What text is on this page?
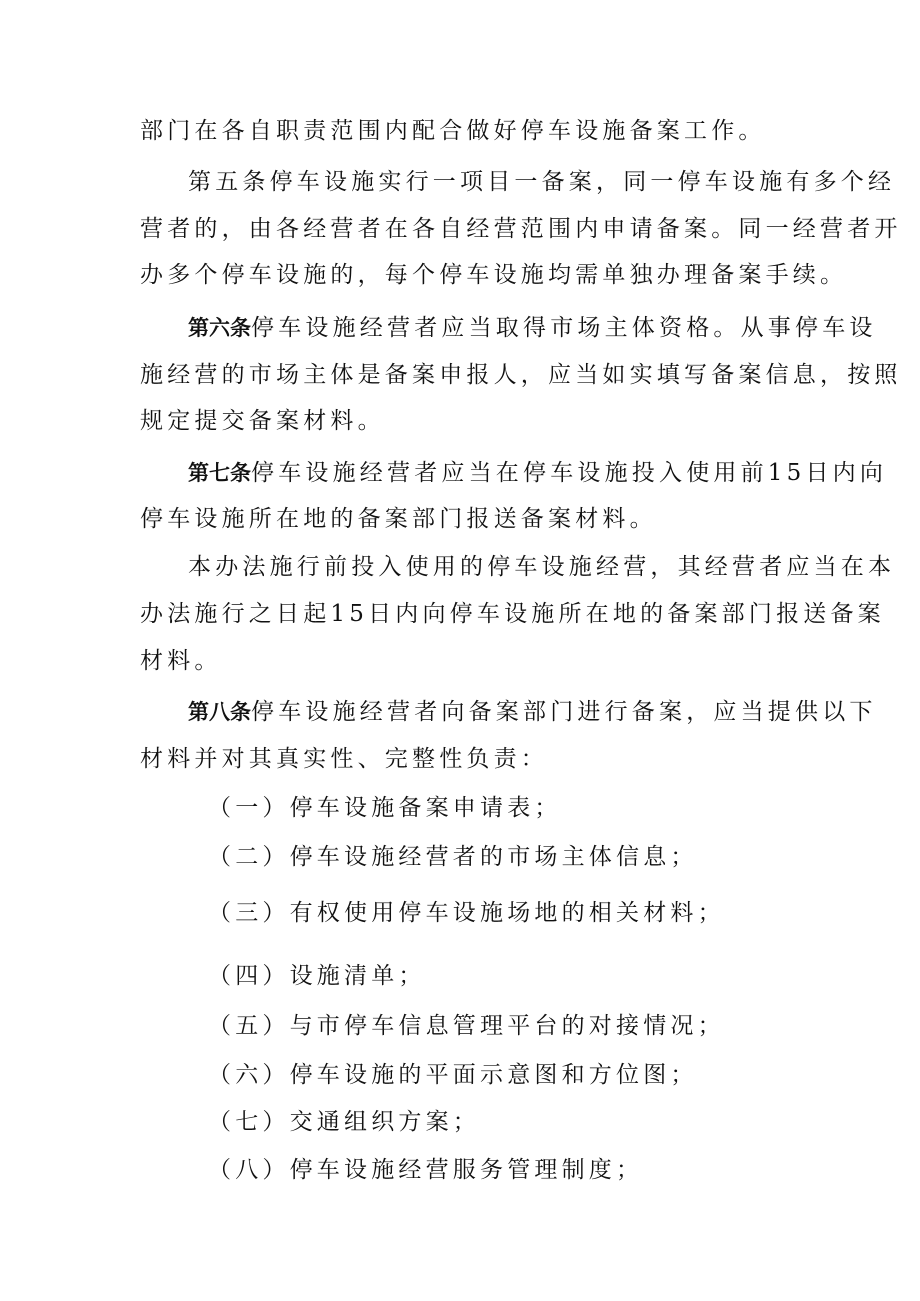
部门在各自职责范围内配合做好停车设施备案工作。
第五条停车设施实行一项目一备案，同一停车设施有多个经
营者的，由各经营者在各自经营范围内申请备案。同一经营者开
办多个停车设施的，每个停车设施均需单独办理备案手续。
第六条停车设施经营者应当取得市场主体资格。从事停车设
施经营的市场主体是备案申报人，应当如实填写备案信息，按照
规定提交备案材料。
第七条停车设施经营者应当在停车设施投入使用前15日内向
停车设施所在地的备案部门报送备案材料。
本办法施行前投入使用的停车设施经营，其经营者应当在本
办法施行之日起15日内向停车设施所在地的备案部门报送备案
材料。
第八条停车设施经营者向备案部门进行备案，应当提供以下
材料并对其真实性、完整性负责：
（一）停车设施备案申请表；
（二）停车设施经营者的市场主体信息；
（三）有权使用停车设施场地的相关材料；
（四）设施清单；
（五）与市停车信息管理平台的对接情况；
（六）停车设施的平面示意图和方位图；
（七）交通组织方案；
（八）停车设施经营服务管理制度；
